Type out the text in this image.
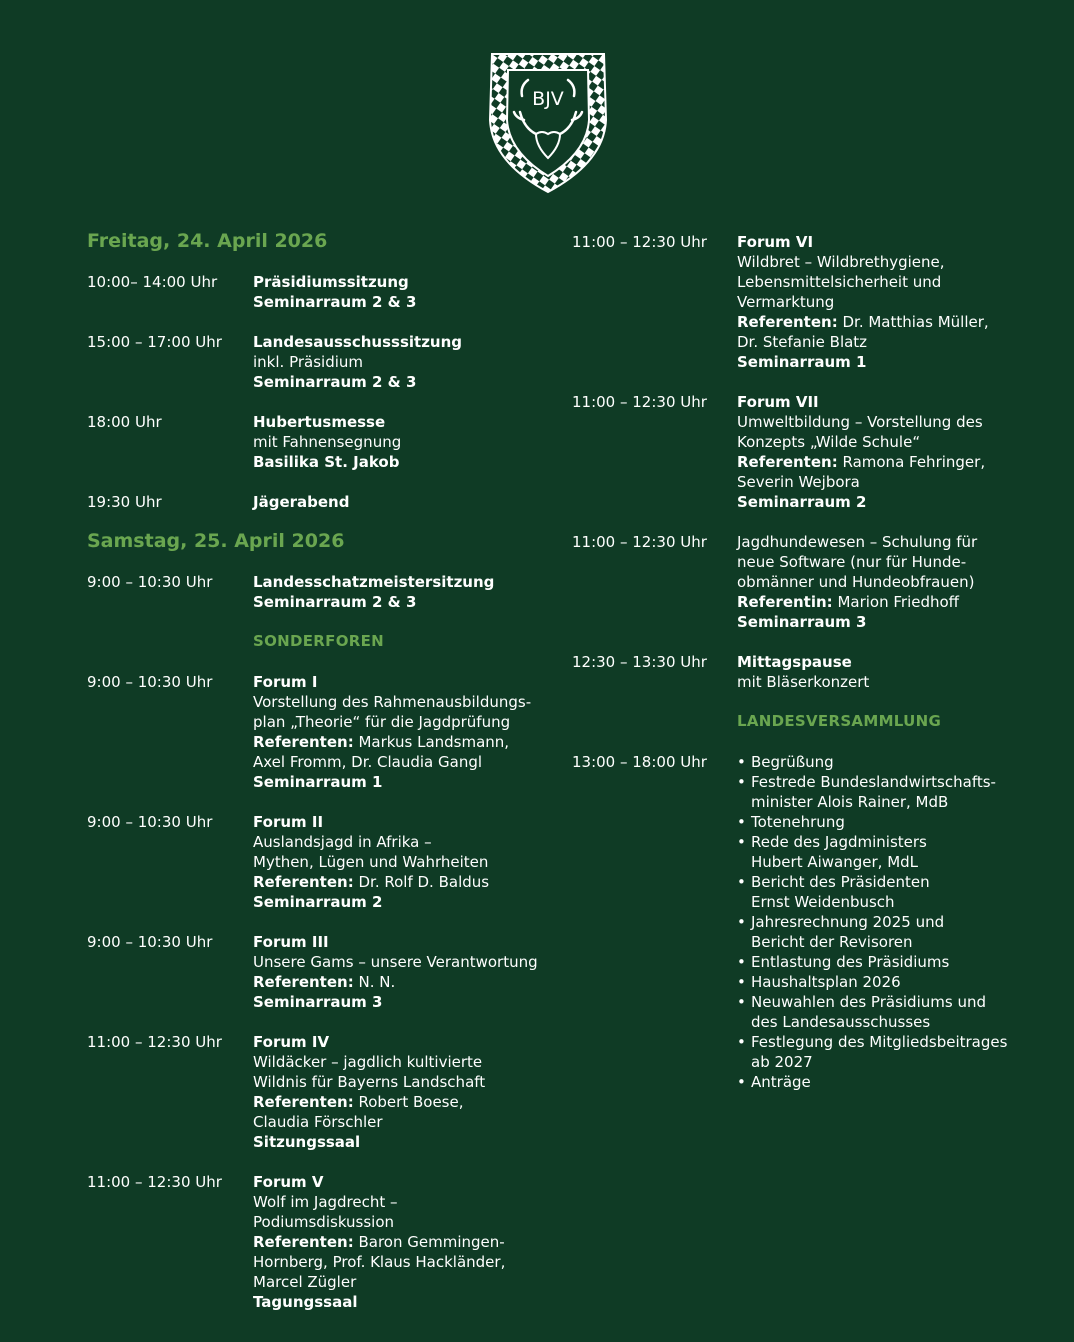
BJV
Freitag, 24. April 2026
10:00– 14:00 Uhr	Präsidiumssitzung
Seminarraum 2 & 3
15:00 – 17:00 Uhr	Landesausschusssitzung
inkl. Präsidium
Seminarraum 2 & 3
18:00 Uhr	Hubertusmesse
mit Fahnensegnung
Basilika St. Jakob
19:30 Uhr	Jägerabend
Samstag, 25. April 2026
9:00 – 10:30 Uhr	Landesschatzmeistersitzung
Seminarraum 2 & 3
SONDERFOREN
9:00 – 10:30 Uhr	Forum I
Vorstellung des Rahmenausbildungs-
plan „Theorie“ für die Jagdprüfung
Referenten: Markus Landsmann,
Axel Fromm, Dr. Claudia Gangl
Seminarraum 1
9:00 – 10:30 Uhr	Forum II
Auslandsjagd in Afrika –
Mythen, Lügen und Wahrheiten
Referenten: Dr. Rolf D. Baldus
Seminarraum 2
9:00 – 10:30 Uhr	Forum III
Unsere Gams – unsere Verantwortung
Referenten: N. N.
Seminarraum 3
11:00 – 12:30 Uhr	Forum IV
Wildäcker – jagdlich kultivierte
Wildnis für Bayerns Landschaft
Referenten: Robert Boese,
Claudia Förschler
Sitzungssaal
11:00 – 12:30 Uhr	Forum V
Wolf im Jagdrecht –
Podiumsdiskussion
Referenten: Baron Gemmingen-
Hornberg, Prof. Klaus Hackländer,
Marcel Zügler
Tagungssaal
11:00 – 12:30 Uhr	Forum VI
Wildbret – Wildbrethygiene,
Lebensmittelsicherheit und
Vermarktung
Referenten: Dr. Matthias Müller,
Dr. Stefanie Blatz
Seminarraum 1
11:00 – 12:30 Uhr	Forum VII
Umweltbildung – Vorstellung des
Konzepts „Wilde Schule“
Referenten: Ramona Fehringer,
Severin Wejbora
Seminarraum 2
11:00 – 12:30 Uhr	Jagdhundewesen – Schulung für
neue Software (nur für Hunde-
obmänner und Hundeobfrauen)
Referentin: Marion Friedhoff
Seminarraum 3
12:30 – 13:30 Uhr	Mittagspause
mit Bläserkonzert
LANDESVERSAMMLUNG
13:00 – 18:00 Uhr	• Begrüßung
• Festrede Bundeslandwirtschafts-
minister Alois Rainer, MdB
• Totenehrung
• Rede des Jagdministers
Hubert Aiwanger, MdL
• Bericht des Präsidenten
Ernst Weidenbusch
• Jahresrechnung 2025 und
Bericht der Revisoren
• Entlastung des Präsidiums
• Haushaltsplan 2026
• Neuwahlen des Präsidiums und
des Landesausschusses
• Festlegung des Mitgliedsbeitrages
ab 2027
• Anträge
